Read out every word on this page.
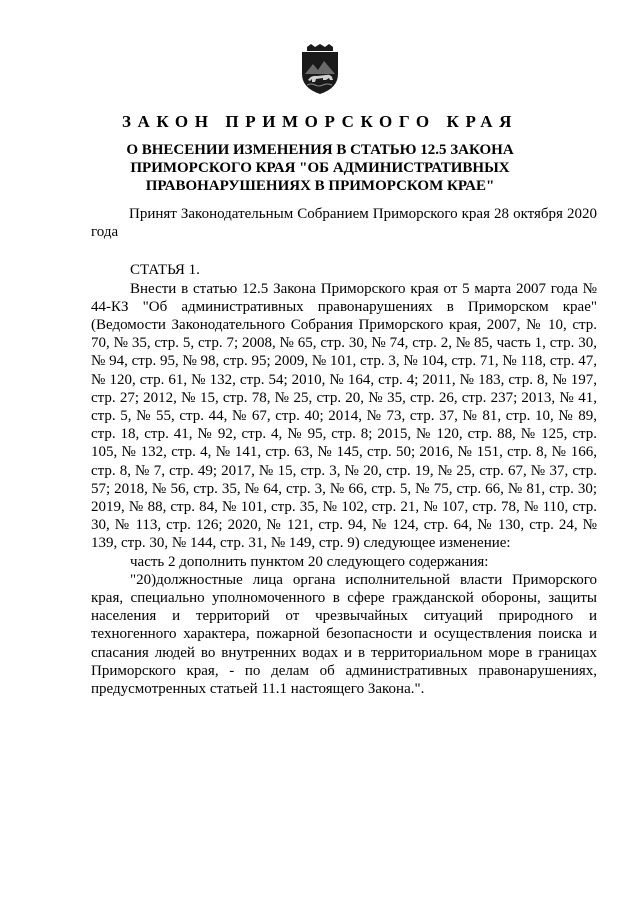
ЗАКОН ПРИМОРСКОГО КРАЯ
О ВНЕСЕНИИ ИЗМЕНЕНИЯ В СТАТЬЮ 12.5 ЗАКОНА
ПРИМОРСКОГО КРАЯ "ОБ АДМИНИСТРАТИВНЫХ
ПРАВОНАРУШЕНИЯХ В ПРИМОРСКОМ КРАЕ"

Принят Законодательным Собранием Приморского края 28 октября 2020 года

СТАТЬЯ 1.

Внести в статью 12.5 Закона Приморского края от 5 марта 2007 года № 44-КЗ "Об административных правонарушениях в Приморском крае" (Ведомости Законодательного Собрания Приморского края, 2007, № 10, стр. 70, № 35, стр. 5, стр. 7; 2008, № 65, стр. 30, № 74, стр. 2, № 85, часть 1, стр. 30, № 94, стр. 95, № 98, стр. 95; 2009, № 101, стр. 3, № 104, стр. 71, № 118, стр. 47, № 120, стр. 61, № 132, стр. 54; 2010, № 164, стр. 4; 2011, № 183, стр. 8, № 197, стр. 27; 2012, № 15, стр. 78, № 25, стр. 20, № 35, стр. 26, стр. 237; 2013, № 41, стр. 5, № 55, стр. 44, № 67, стр. 40; 2014, № 73, стр. 37, № 81, стр. 10, № 89, стр. 18, стр. 41, № 92, стр. 4, № 95, стр. 8; 2015, № 120, стр. 88, № 125, стр. 105, № 132, стр. 4, № 141, стр. 63, № 145, стр. 50; 2016, № 151, стр. 8, № 166, стр. 8, № 7, стр. 49; 2017, № 15, стр. 3, № 20, стр. 19, № 25, стр. 67, № 37, стр. 57; 2018, № 56, стр. 35, № 64, стр. 3, № 66, стр. 5, № 75, стр. 66, № 81, стр. 30; 2019, № 88, стр. 84, № 101, стр. 35, № 102, стр. 21, № 107, стр. 78, № 110, стр. 30, № 113, стр. 126; 2020, № 121, стр. 94, № 124, стр. 64, № 130, стр. 24, № 139, стр. 30, № 144, стр. 31, № 149, стр. 9) следующее изменение:

часть 2 дополнить пунктом 20 следующего содержания:

"20)должностные лица органа исполнительной власти Приморского края, специально уполномоченного в сфере гражданской обороны, защиты населения и территорий от чрезвычайных ситуаций природного и техногенного характера, пожарной безопасности и осуществления поиска и спасания людей во внутренних водах и в территориальном море в границах Приморского края, - по делам об административных правонарушениях, предусмотренных статьей 11.1 настоящего Закона.".
